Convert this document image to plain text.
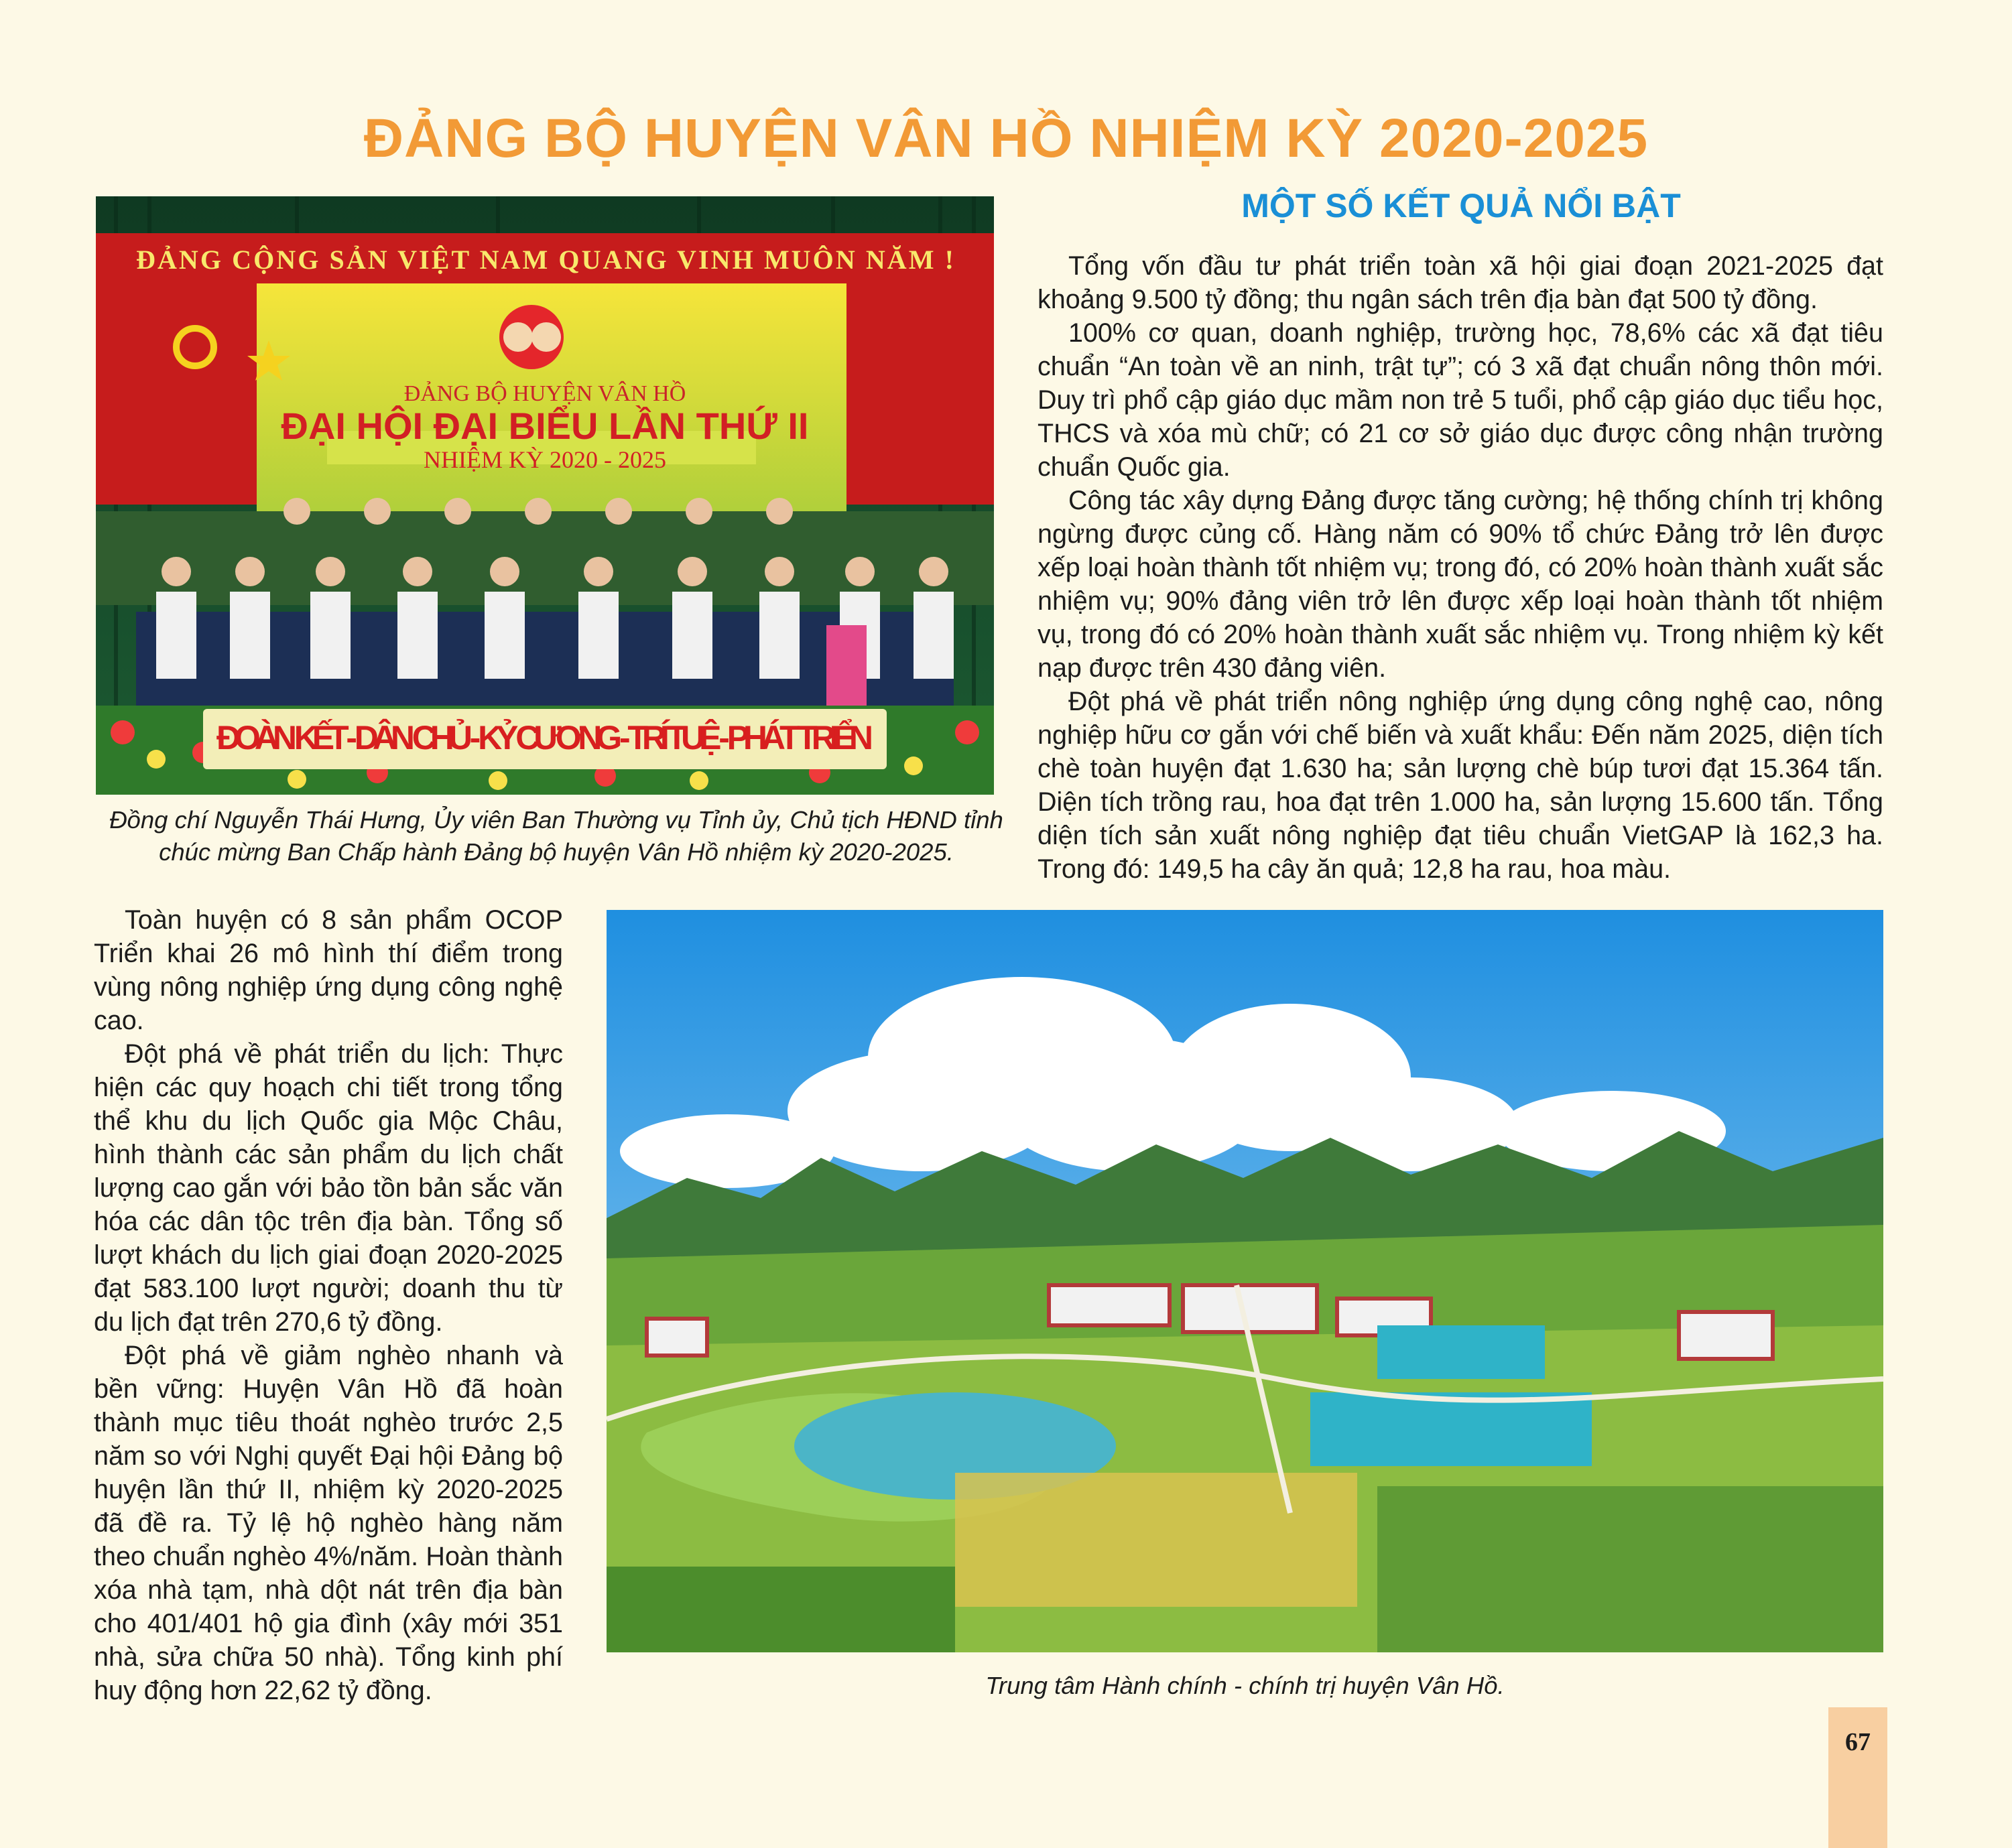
ĐẢNG BỘ HUYỆN VÂN HỒ NHIỆM KỲ 2020-2025
MỘT SỐ KẾT QUẢ NỔI BẬT
ĐẢNG CỘNG SẢN VIỆT NAM QUANG VINH MUÔN NĂM !
ĐẢNG BỘ HUYỆN VÂN HỒ
ĐẠI HỘI ĐẠI BIỂU LẦN THỨ II
NHIỆM KỲ 2020 - 2025
ĐOÀN KẾT - DÂN CHỦ - KỶ CƯƠNG - TRÍ TUỆ - PHÁT TRIỂN
Đồng chí Nguyễn Thái Hưng, Ủy viên Ban Thường vụ Tỉnh ủy, Chủ tịch HĐND tỉnh
chúc mừng Ban Chấp hành Đảng bộ huyện Vân Hồ nhiệm kỳ 2020-2025.

Tổng vốn đầu tư phát triển toàn xã hội giai đoạn 2021-2025 đạt khoảng 9.500 tỷ đồng; thu ngân sách trên địa bàn đạt 500 tỷ đồng.

100% cơ quan, doanh nghiệp, trường học, 78,6% các xã đạt tiêu chuẩn “An toàn về an ninh, trật tự”; có 3 xã đạt chuẩn nông thôn mới. Duy trì phổ cập giáo dục mầm non trẻ 5 tuổi, phổ cập giáo dục tiểu học, THCS và xóa mù chữ; có 21 cơ sở giáo dục được công nhận trường chuẩn Quốc gia.

Công tác xây dựng Đảng được tăng cường; hệ thống chính trị không ngừng được củng cố. Hàng năm có 90% tổ chức Đảng trở lên được xếp loại hoàn thành tốt nhiệm vụ; trong đó, có 20% hoàn thành xuất sắc nhiệm vụ; 90% đảng viên trở lên được xếp loại hoàn thành tốt nhiệm vụ, trong đó có 20% hoàn thành xuất sắc nhiệm vụ. Trong nhiệm kỳ kết nạp được trên 430 đảng viên.

Đột phá về phát triển nông nghiệp ứng dụng công nghệ cao, nông nghiệp hữu cơ gắn với chế biến và xuất khẩu: Đến năm 2025, diện tích chè toàn huyện đạt 1.630 ha; sản lượng chè búp tươi đạt 15.364 tấn. Diện tích trồng rau, hoa đạt trên 1.000 ha, sản lượng 15.600 tấn. Tổng diện tích sản xuất nông nghiệp đạt tiêu chuẩn VietGAP là 162,3 ha. Trong đó: 149,5 ha cây ăn quả; 12,8 ha rau, hoa màu.

Toàn huyện có 8 sản phẩm OCOP Triển khai 26 mô hình thí điểm trong vùng nông nghiệp ứng dụng công nghệ cao.

Đột phá về phát triển du lịch: Thực hiện các quy hoạch chi tiết trong tổng thể khu du lịch Quốc gia Mộc Châu, hình thành các sản phẩm du lịch chất lượng cao gắn với bảo tồn bản sắc văn hóa các dân tộc trên địa bàn. Tổng số lượt khách du lịch giai đoạn 2020-2025 đạt 583.100 lượt người; doanh thu từ du lịch đạt trên 270,6 tỷ đồng.

Đột phá về giảm nghèo nhanh và bền vững: Huyện Vân Hồ đã hoàn thành mục tiêu thoát nghèo trước 2,5 năm so với Nghị quyết Đại hội Đảng bộ huyện lần thứ II, nhiệm kỳ 2020-2025 đã đề ra. Tỷ lệ hộ nghèo hàng năm theo chuẩn nghèo 4%/năm. Hoàn thành xóa nhà tạm, nhà dột nát trên địa bàn cho 401/401 hộ gia đình (xây mới 351 nhà, sửa chữa 50 nhà). Tổng kinh phí huy động hơn 22,62 tỷ đồng.	Trung tâm Hành chính - chính trị huyện Vân Hồ.
67
